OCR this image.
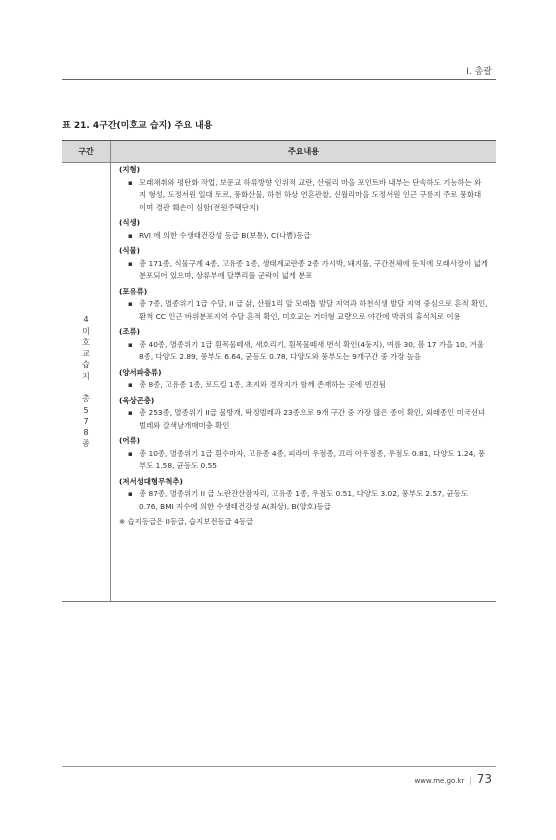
I. 총괄
표 21. 4구간(미호교 습지) 주요 내용
구간	주요내용
4
미
호
교
습
지

총
5
7
8
종
(지형)
▪ 모래채취와 평탄화 작업, 보문교 하류방향 인위적 교란, 산림리 마을 포인트바 내부는 단속하도 기능하는 와지 형성, 도정서원 일대 토르, 풍화산물, 하천 하상 연흔관찰, 신월리마을 도정서원 인근 구릉지 주로 풍화대이며 경관 훼손이 심함(전원주택단지)
(식생)
▪ RVI 에 의한 수생태건강성 등급 B(보통), C(나쁨)등급
(식물)
▪ 총 171종, 식물구계 4종, 고유종 1종, 생태계교란종 2종 가시박, 돼지풀, 구간전체에 둔치에 모래사장이 넓게 분포되어 있으며, 상류부에 달뿌리풀 군락이 넓게 분포
(포유류)
▪ 총 7종, 멸종위기 1급 수달, II 급 삵, 산월1리 앞 모래톱 발달 지역과 하천식생 발달 지역 중심으로 흔적 확인, 환척 CC 인근 바위분포지역 수달 흔적 확인, 미호교는 거더형 교량으로 야간에 박쥐의 휴식처로 이용
(조류)
▪ 총 40종, 멸종위기 1급 흰목물떼새, 새호리기, 흰목물떼새 번식 확인(4둥지), 여름 30, 봄 17 가을 10, 겨울 8종, 다양도 2.89, 풍부도 6.64, 균등도 0.78, 다양도와 풍부도는 9개구간 중 가장 높음
(양서파충류)
▪ 총 8종, 고유종 1종, 로드킬 1종, 초지와 경작지가 함께 존재하는 곳에 빈견됨
(육상곤충)
▪ 총 253종, 멸종위기 II급 물방개, 딱정벌레과 23종으로 9개 구간 중 가장 많은 종이 확인, 외래종인 미국선녀벌레와 갈색날개매미충 확인
(어류)
▪ 총 10종, 멸종위기 1급 흰수마자, 고유종 4종, 피라미 우점종, 끄리 아우점종, 우점도 0.81, 다양도 1.24, 풍부도 1.58, 균등도 0.55
(저서성대형무척추)
▪ 총 87종, 멸종위기 II 급 노란잔산잠자리, 고유종 1종, 우점도 0.51, 다양도 3.02, 풍부도 2.57, 균등도 0.76, BMI 지수에 의한 수생태건강성 A(최상), B(양호)등급
※ 습지등급은 II등급, 습지보전등급 4등급
www.me.go.kr | 73
